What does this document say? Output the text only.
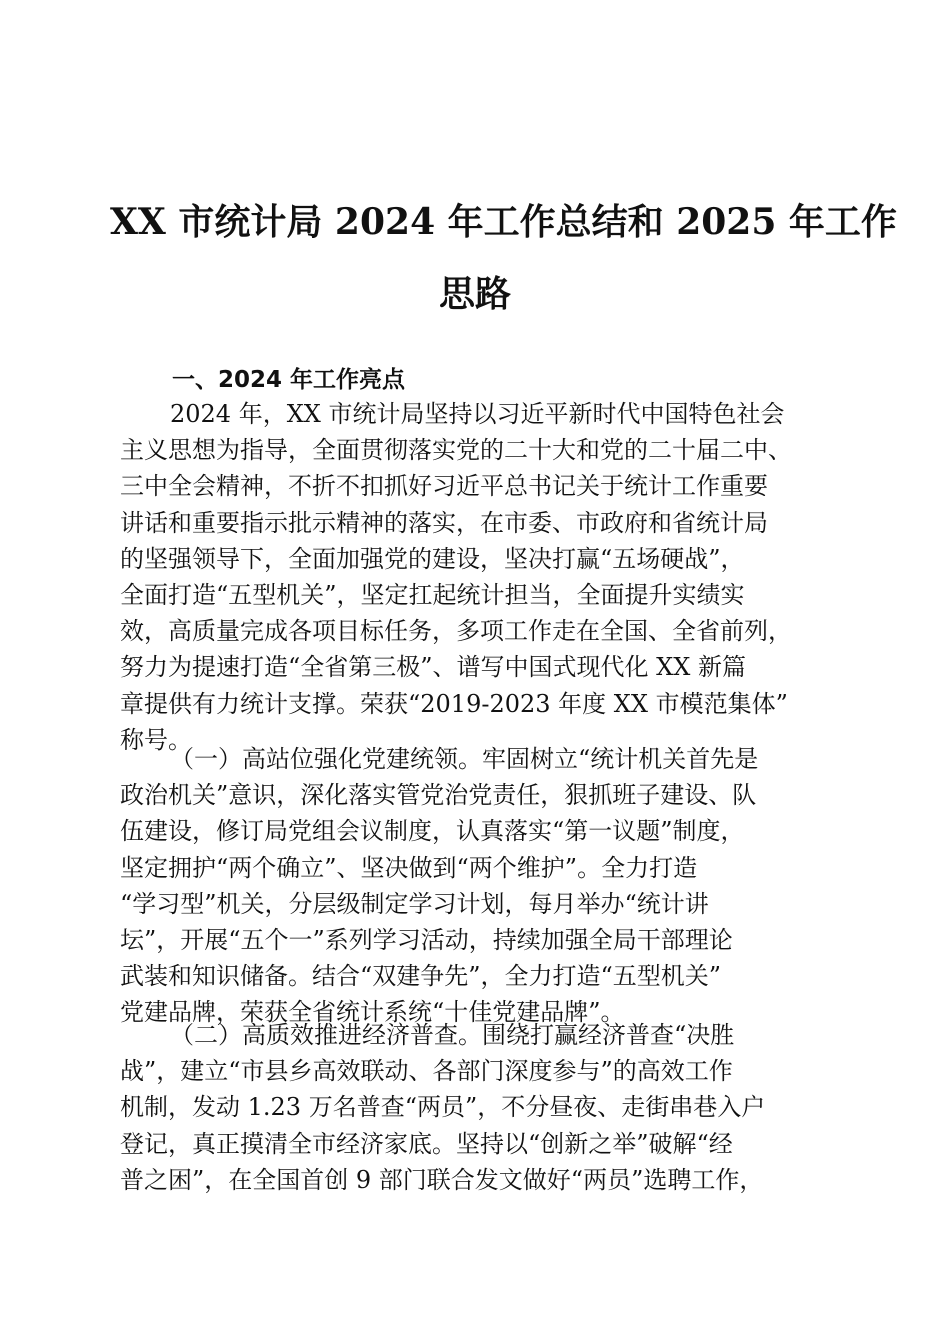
XX 市统计局 2024 年工作总结和 2025 年工作
思路
一、2024 年工作亮点
2024 年，XX 市统计局坚持以习近平新时代中国特色社会
主义思想为指导，全面贯彻落实党的二十大和党的二十届二中、
三中全会精神，不折不扣抓好习近平总书记关于统计工作重要
讲话和重要指示批示精神的落实，在市委、市政府和省统计局
的坚强领导下，全面加强党的建设，坚决打赢“五场硬战”，
全面打造“五型机关”，坚定扛起统计担当，全面提升实绩实
效，高质量完成各项目标任务，多项工作走在全国、全省前列，
努力为提速打造“全省第三极”、谱写中国式现代化 XX 新篇
章提供有力统计支撑。荣获“2019-2023 年度 XX 市模范集体”
称号。
（一）高站位强化党建统领。牢固树立“统计机关首先是
政治机关”意识，深化落实管党治党责任，狠抓班子建设、队
伍建设，修订局党组会议制度，认真落实“第一议题”制度，
坚定拥护“两个确立”、坚决做到“两个维护”。全力打造
“学习型”机关，分层级制定学习计划，每月举办“统计讲
坛”，开展“五个一”系列学习活动，持续加强全局干部理论
武装和知识储备。结合“双建争先”，全力打造“五型机关”
党建品牌，荣获全省统计系统“十佳党建品牌”。
（二）高质效推进经济普查。围绕打赢经济普查“决胜
战”，建立“市县乡高效联动、各部门深度参与”的高效工作
机制，发动 1.23 万名普查“两员”，不分昼夜、走街串巷入户
登记，真正摸清全市经济家底。坚持以“创新之举”破解“经
普之困”，在全国首创 9 部门联合发文做好“两员”选聘工作，
